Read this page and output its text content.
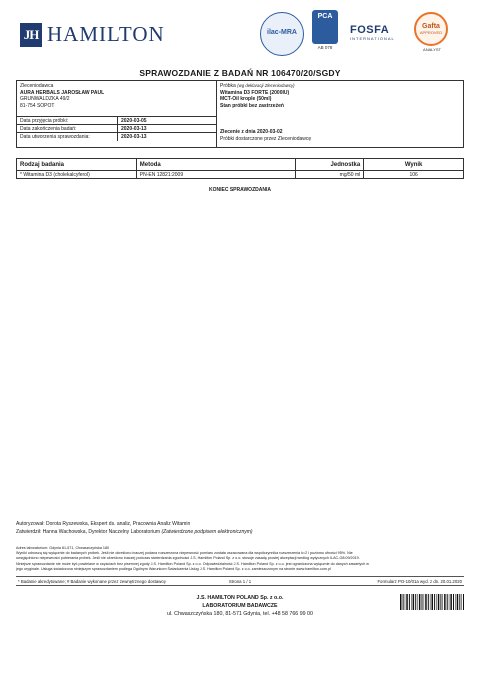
JH HAMILTON	ilac-MRA
PCA
AB 078
FOSFA
INTERNATIONAL
Gafta
APPROVED
ANALYST
SPRAWOZDANIE Z BADAŃ NR 106470/20/SGDY
Zleceniodawca
AURA HERBALS JAROSŁAW PAUL
GRUNWALDZKA 49/2
81-754 SOPOT
Data przyjęcia próbki:	2020-03-05
Data zakończenia badań:	2020-03-13
Data utworzenia sprawozdania:	2020-03-13
Próbka (wg deklaracji Zleceniodawcy)
Witamina D3 FORTE (2000IU)
MCT-Oil krople (50ml)
Stan próbki bez zastrzeżeń
Zlecenie z dnia 2020-03-02
Próbki dostarczone przez Zleceniodawcę
Rodzaj badania	Metoda	Jednostka	Wynik
* Witamina D3 (cholekalcyferol)	PN-EN 12821:2009	mg/50 ml	106
KONIEC SPRAWOZDANIA
Autoryzował: Dorota Ryszewska, Ekspert ds. analiz, Pracownia Analiz Witamin
Zatwierdził: Hanna Wachowska, Dyrektor Naczelny Laboratorium (Zatwierdzone podpisem elektronicznym)
Adres laboratorium: Gdynia 81-571, Chwaszczyńska 180
Wyniki odnoszą się wyłącznie do badanych próbek. Jeśli nie określono inaczej podana rozszerzona niepewność pomiaru została oszacowana dla współczynnika rozszerzenia k=2 i poziomu ufności 95%. Nie
uwzględniono niepewności pobierania próbek. Jeśli nie określono inaczej podczas stwierdzania zgodności J.S. Hamilton Poland Sp. z o.o. stosuje zasadę prostej akceptacji według wytycznych ILAC-G8:09/2019.
Niniejsze sprawozdanie nie może być powielane w częściach bez pisemnej zgody J.S. Hamilton Poland Sp. z o.o. Odpowiedzialność J.S. Hamilton Poland Sp. z o.o. jest ograniczona wyłącznie do danych zawartych w
jego oryginale. Usługa świadczona niniejszym sprawozdaniem podlega Ogólnym Warunkom Świadczenia Usług J.S. Hamilton Poland Sp. z o.o. zamieszczonym na stronie www.hamilton.com.pl
* Badanie akredytowane; # Badanie wykonane przez zewnętrznego dostawcę	Strona 1 / 1	Formularz PO-10/01a wyd. z dn. 20.01.2020
J.S. HAMILTON POLAND Sp. z o.o.
LABORATORIUM BADAWCZE
ul. Chwaszczyńska 180, 81-571 Gdynia, tel. +48 58 766 99 00
